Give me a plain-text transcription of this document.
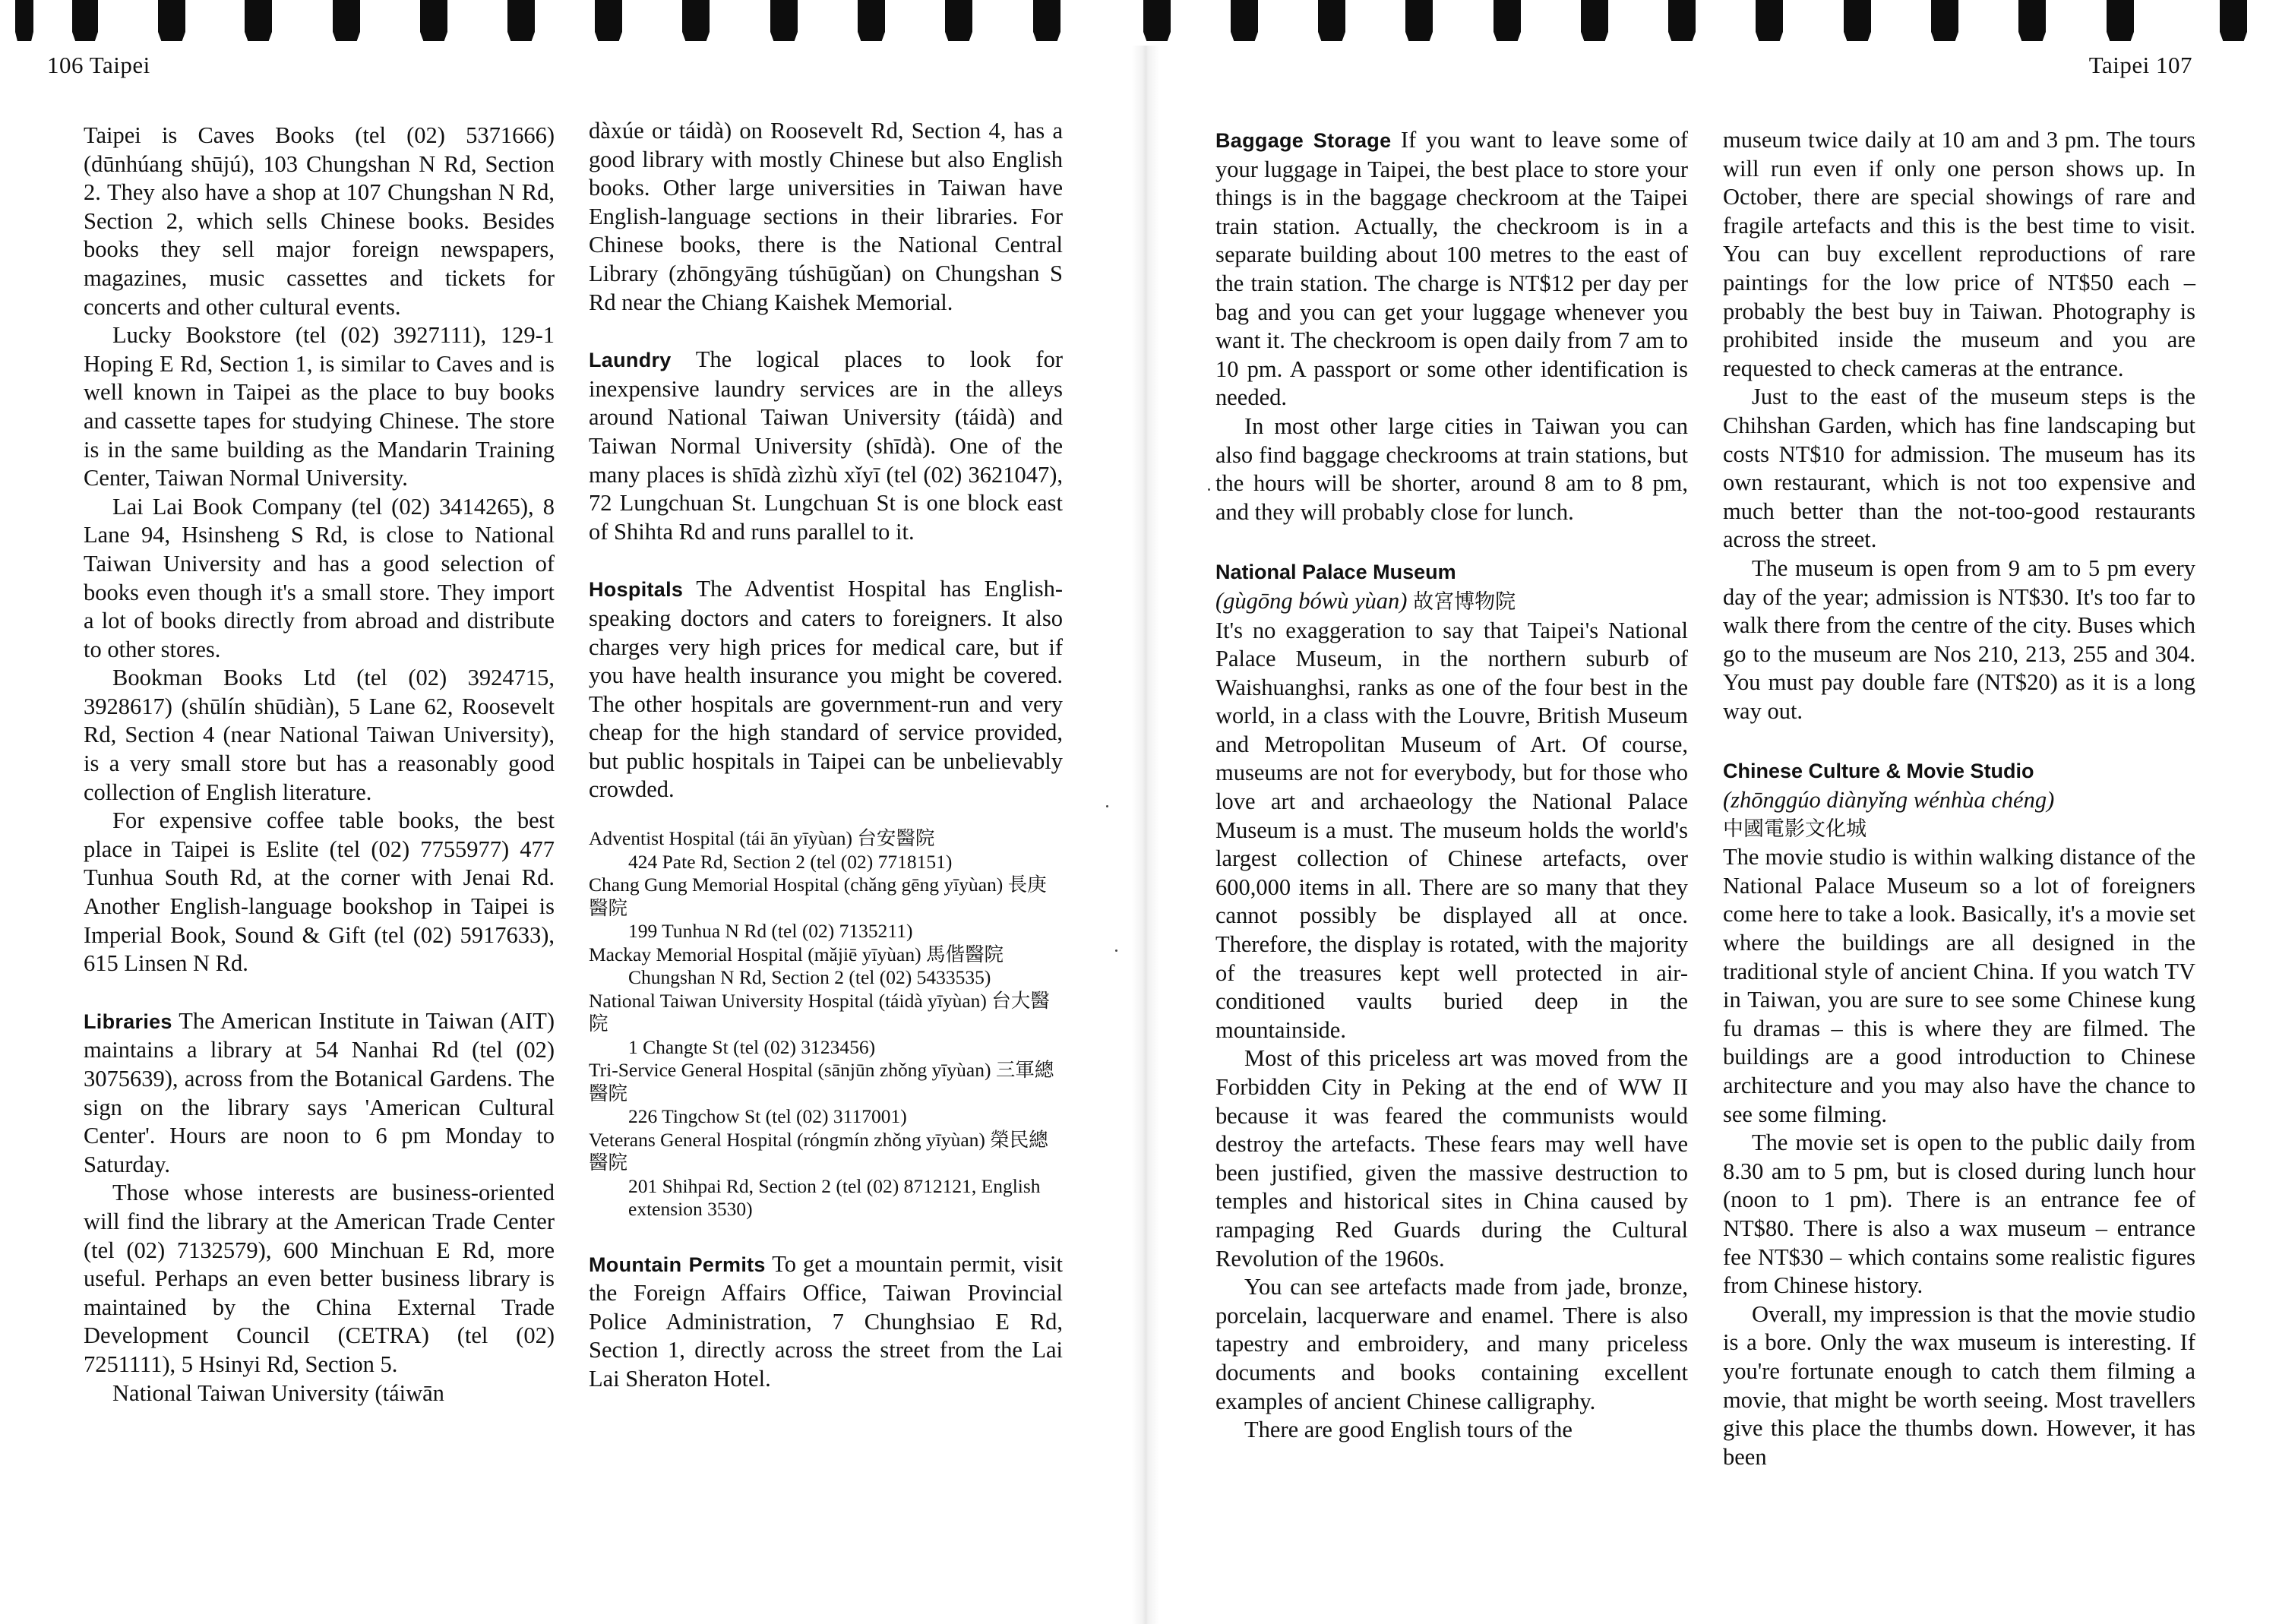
106 Taipei	Taipei 107

Taipei is Caves Books (tel (02) 5371666) (dūnhúang shūjú), 103 Chungshan N Rd, Section 2. They also have a shop at 107 Chungshan N Rd, Section 2, which sells Chinese books. Besides books they sell major foreign newspapers, magazines, music cassettes and tickets for concerts and other cultural events.

Lucky Bookstore (tel (02) 3927111), 129-1 Hoping E Rd, Section 1, is similar to Caves and is well known in Taipei as the place to buy books and cassette tapes for studying Chinese. The store is in the same building as the Mandarin Training Center, Taiwan Normal University.

Lai Lai Book Company (tel (02) 3414265), 8 Lane 94, Hsinsheng S Rd, is close to National Taiwan University and has a good selection of books even though it's a small store. They import a lot of books directly from abroad and distribute to other stores.

Bookman Books Ltd (tel (02) 3924715, 3928617) (shūlín shūdiàn), 5 Lane 62, Roosevelt Rd, Section 4 (near National Taiwan University), is a very small store but has a reasonably good collection of English literature.

For expensive coffee table books, the best place in Taipei is Eslite (tel (02) 7755977) 477 Tunhua South Rd, at the corner with Jenai Rd. Another English-language bookshop in Taipei is Imperial Book, Sound & Gift (tel (02) 5917633), 615 Linsen N Rd.

Libraries The American Institute in Taiwan (AIT) maintains a library at 54 Nanhai Rd (tel (02) 3075639), across from the Botanical Gardens. The sign on the library says 'American Cultural Center'. Hours are noon to 6 pm Monday to Saturday.

Those whose interests are business-oriented will find the library at the American Trade Center (tel (02) 7132579), 600 Minchuan E Rd, more useful. Perhaps an even better business library is maintained by the China External Trade Development Council (CETRA) (tel (02) 7251111), 5 Hsinyi Rd, Section 5.

National Taiwan University (táiwān

dàxúe or táidà) on Roosevelt Rd, Section 4, has a good library with mostly Chinese but also English books. Other large universities in Taiwan have English-language sections in their libraries. For Chinese books, there is the National Central Library (zhōngyāng túshūgǔan) on Chungshan S Rd near the Chiang Kaishek Memorial.

Laundry The logical places to look for inexpensive laundry services are in the alleys around National Taiwan University (táidà) and Taiwan Normal University (shīdà). One of the many places is shīdà zìzhù xǐyī (tel (02) 3621047), 72 Lungchuan St. Lungchuan St is one block east of Shihta Rd and runs parallel to it.

Hospitals The Adventist Hospital has English-speaking doctors and caters to foreigners. It also charges very high prices for medical care, but if you have health insurance you might be covered. The other hospitals are government-run and very cheap for the high standard of service provided, but public hospitals in Taipei can be unbelievably crowded.

Adventist Hospital (tái ān yīyùan) 台安醫院
424 Pate Rd, Section 2 (tel (02) 7718151)
Chang Gung Memorial Hospital (chǎng gēng yīyùan) 長庚醫院
199 Tunhua N Rd (tel (02) 7135211)
Mackay Memorial Hospital (mǎjiē yīyùan) 馬偕醫院
Chungshan N Rd, Section 2 (tel (02) 5433535)
National Taiwan University Hospital (táidà yīyùan) 台大醫院
1 Changte St (tel (02) 3123456)
Tri-Service General Hospital (sānjūn zhǒng yīyùan) 三軍總醫院
226 Tingchow St (tel (02) 3117001)
Veterans General Hospital (róngmín zhǒng yīyùan) 榮民總醫院
201 Shihpai Rd, Section 2 (tel (02) 8712121, English extension 3530)

Mountain Permits To get a mountain permit, visit the Foreign Affairs Office, Taiwan Provincial Police Administration, 7 Chunghsiao E Rd, Section 1, directly across the street from the Lai Lai Sheraton Hotel.

Baggage Storage If you want to leave some of your luggage in Taipei, the best place to store your things is in the baggage checkroom at the Taipei train station. Actually, the checkroom is in a separate building about 100 metres to the east of the train station. The charge is NT$12 per day per bag and you can get your luggage whenever you want it. The checkroom is open daily from 7 am to 10 pm. A passport or some other identification is needed.

In most other large cities in Taiwan you can also find baggage checkrooms at train stations, but the hours will be shorter, around 8 am to 8 pm, and they will probably close for lunch.

National Palace Museum

(gùgōng bówù yùan) 故宮博物院

It's no exaggeration to say that Taipei's National Palace Museum, in the northern suburb of Waishuanghsi, ranks as one of the four best in the world, in a class with the Louvre, British Museum and Metropolitan Museum of Art. Of course, museums are not for everybody, but for those who love art and archaeology the National Palace Museum is a must. The museum holds the world's largest collection of Chinese artefacts, over 600,000 items in all. There are so many that they cannot possibly be displayed all at once. Therefore, the display is rotated, with the majority of the treasures kept well protected in air-conditioned vaults buried deep in the mountainside.

Most of this priceless art was moved from the Forbidden City in Peking at the end of WW II because it was feared the communists would destroy the artefacts. These fears may well have been justified, given the massive destruction to temples and historical sites in China caused by rampaging Red Guards during the Cultural Revolution of the 1960s.

You can see artefacts made from jade, bronze, porcelain, lacquerware and enamel. There is also tapestry and embroidery, and many priceless documents and books containing excellent examples of ancient Chinese calligraphy.

There are good English tours of the

museum twice daily at 10 am and 3 pm. The tours will run even if only one person shows up. In October, there are special showings of rare and fragile artefacts and this is the best time to visit. You can buy excellent reproductions of rare paintings for the low price of NT$50 each – probably the best buy in Taiwan. Photography is prohibited inside the museum and you are requested to check cameras at the entrance.

Just to the east of the museum steps is the Chihshan Garden, which has fine landscaping but costs NT$10 for admission. The museum has its own restaurant, which is not too expensive and much better than the not-too-good restaurants across the street.

The museum is open from 9 am to 5 pm every day of the year; admission is NT$30. It's too far to walk there from the centre of the city. Buses which go to the museum are Nos 210, 213, 255 and 304. You must pay double fare (NT$20) as it is a long way out.

Chinese Culture & Movie Studio

(zhōnggúo diànyǐng wénhùa chéng)

中國電影文化城

The movie studio is within walking distance of the National Palace Museum so a lot of foreigners come here to take a look. Basically, it's a movie set where the buildings are all designed in the traditional style of ancient China. If you watch TV in Taiwan, you are sure to see some Chinese kung fu dramas – this is where they are filmed. The buildings are a good introduction to Chinese architecture and you may also have the chance to see some filming.

The movie set is open to the public daily from 8.30 am to 5 pm, but is closed during lunch hour (noon to 1 pm). There is an entrance fee of NT$80. There is also a wax museum – entrance fee NT$30 – which contains some realistic figures from Chinese history.

Overall, my impression is that the movie studio is a bore. Only the wax museum is interesting. If you're fortunate enough to catch them filming a movie, that might be worth seeing. Most travellers give this place the thumbs down. However, it has been
